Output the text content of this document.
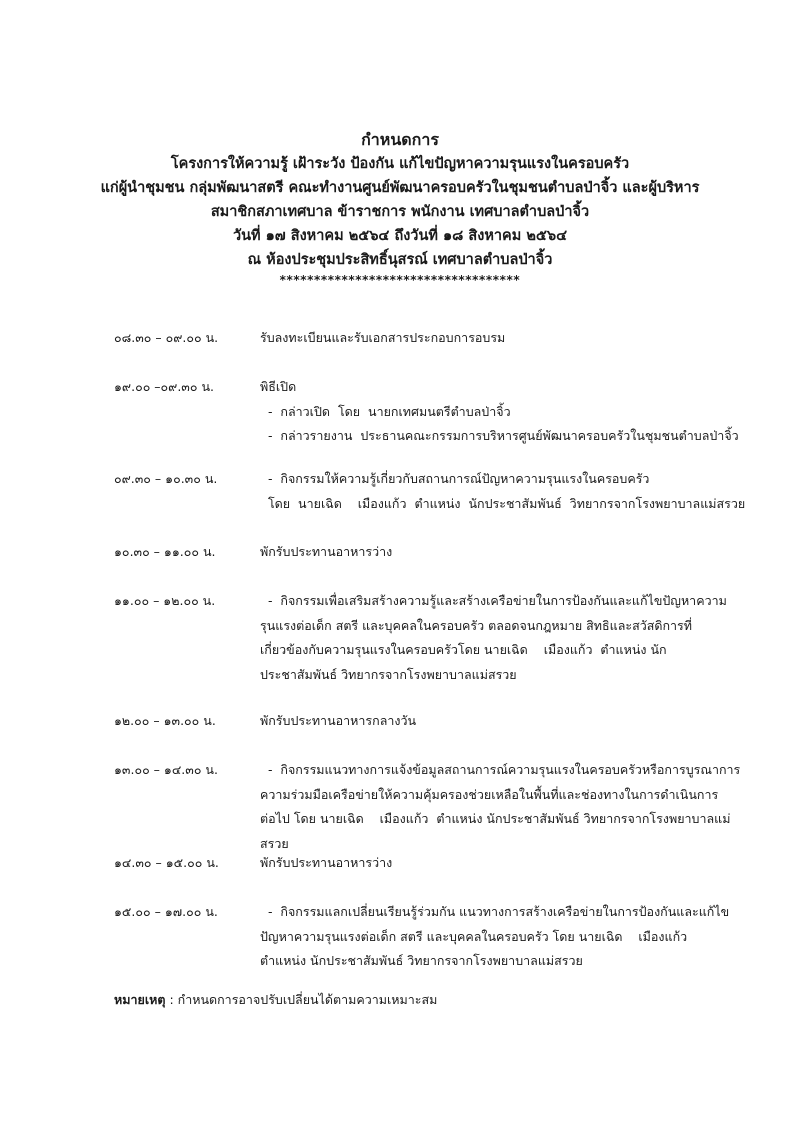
กำหนดการ
โครงการให้ความรู้ เฝ้าระวัง ป้องกัน แก้ไขปัญหาความรุนแรงในครอบครัว
แก่ผู้นำชุมชน กลุ่มพัฒนาสตรี คณะทำงานศูนย์พัฒนาครอบครัวในชุมชนตำบลป่าจิ้ว และผู้บริหาร
สมาชิกสภาเทศบาล ข้าราชการ พนักงาน เทศบาลตำบลป่าจิ้ว
วันที่ ๑๗ สิงหาคม ๒๕๖๔ ถึงวันที่ ๑๘ สิงหาคม ๒๕๖๔
ณ ห้องประชุมประสิทธิ์นุสรณ์ เทศบาลตำบลป่าจิ้ว
***********************************
๐๘.๓๐ – ๐๙.๐๐ น.	รับลงทะเบียนและรับเอกสารประกอบการอบรม
๑๙.๐๐ –๐๙.๓๐ น.	พิธีเปิด
-  กล่าวเปิด  โดย  นายกเทศมนตรีตำบลป่าจิ้ว
-  กล่าวรายงาน  ประธานคณะกรรมการบริหารศูนย์พัฒนาครอบครัวในชุมชนตำบลป่าจิ้ว
๐๙.๓๐ – ๑๐.๓๐ น.	-  กิจกรรมให้ความรู้เกี่ยวกับสถานการณ์ปัญหาความรุนแรงในครอบครัว
โดย  นายเฉิด    เมืองแก้ว  ตำแหน่ง  นักประชาสัมพันธ์  วิทยากรจากโรงพยาบาลแม่สรวย
๑๐.๓๐ – ๑๑.๐๐ น.	พักรับประทานอาหารว่าง
๑๑.๐๐ – ๑๒.๐๐ น.	-  กิจกรรมเพื่อเสริมสร้างความรู้และสร้างเครือข่ายในการป้องกันและแก้ไขปัญหาความ
รุนแรงต่อเด็ก สตรี และบุคคลในครอบครัว ตลอดจนกฎหมาย สิทธิและสวัสดิการที่
เกี่ยวข้องกับความรุนแรงในครอบครัวโดย นายเฉิด    เมืองแก้ว  ตำแหน่ง นัก
ประชาสัมพันธ์ วิทยากรจากโรงพยาบาลแม่สรวย
๑๒.๐๐ – ๑๓.๐๐ น.	พักรับประทานอาหารกลางวัน
๑๓.๐๐ – ๑๔.๓๐ น.	-  กิจกรรมแนวทางการแจ้งข้อมูลสถานการณ์ความรุนแรงในครอบครัวหรือการบูรณาการ
ความร่วมมือเครือข่ายให้ความคุ้มครองช่วยเหลือในพื้นที่และช่องทางในการดำเนินการ
ต่อไป โดย นายเฉิด    เมืองแก้ว  ตำแหน่ง นักประชาสัมพันธ์ วิทยากรจากโรงพยาบาลแม่
สรวย
๑๔.๓๐ – ๑๕.๐๐ น.	พักรับประทานอาหารว่าง
๑๕.๐๐ – ๑๗.๐๐ น.	-  กิจกรรมแลกเปลี่ยนเรียนรู้ร่วมกัน แนวทางการสร้างเครือข่ายในการป้องกันและแก้ไข
ปัญหาความรุนแรงต่อเด็ก สตรี และบุคคลในครอบครัว โดย นายเฉิด    เมืองแก้ว
ตำแหน่ง นักประชาสัมพันธ์ วิทยากรจากโรงพยาบาลแม่สรวย
หมายเหตุ : กำหนดการอาจปรับเปลี่ยนได้ตามความเหมาะสม
